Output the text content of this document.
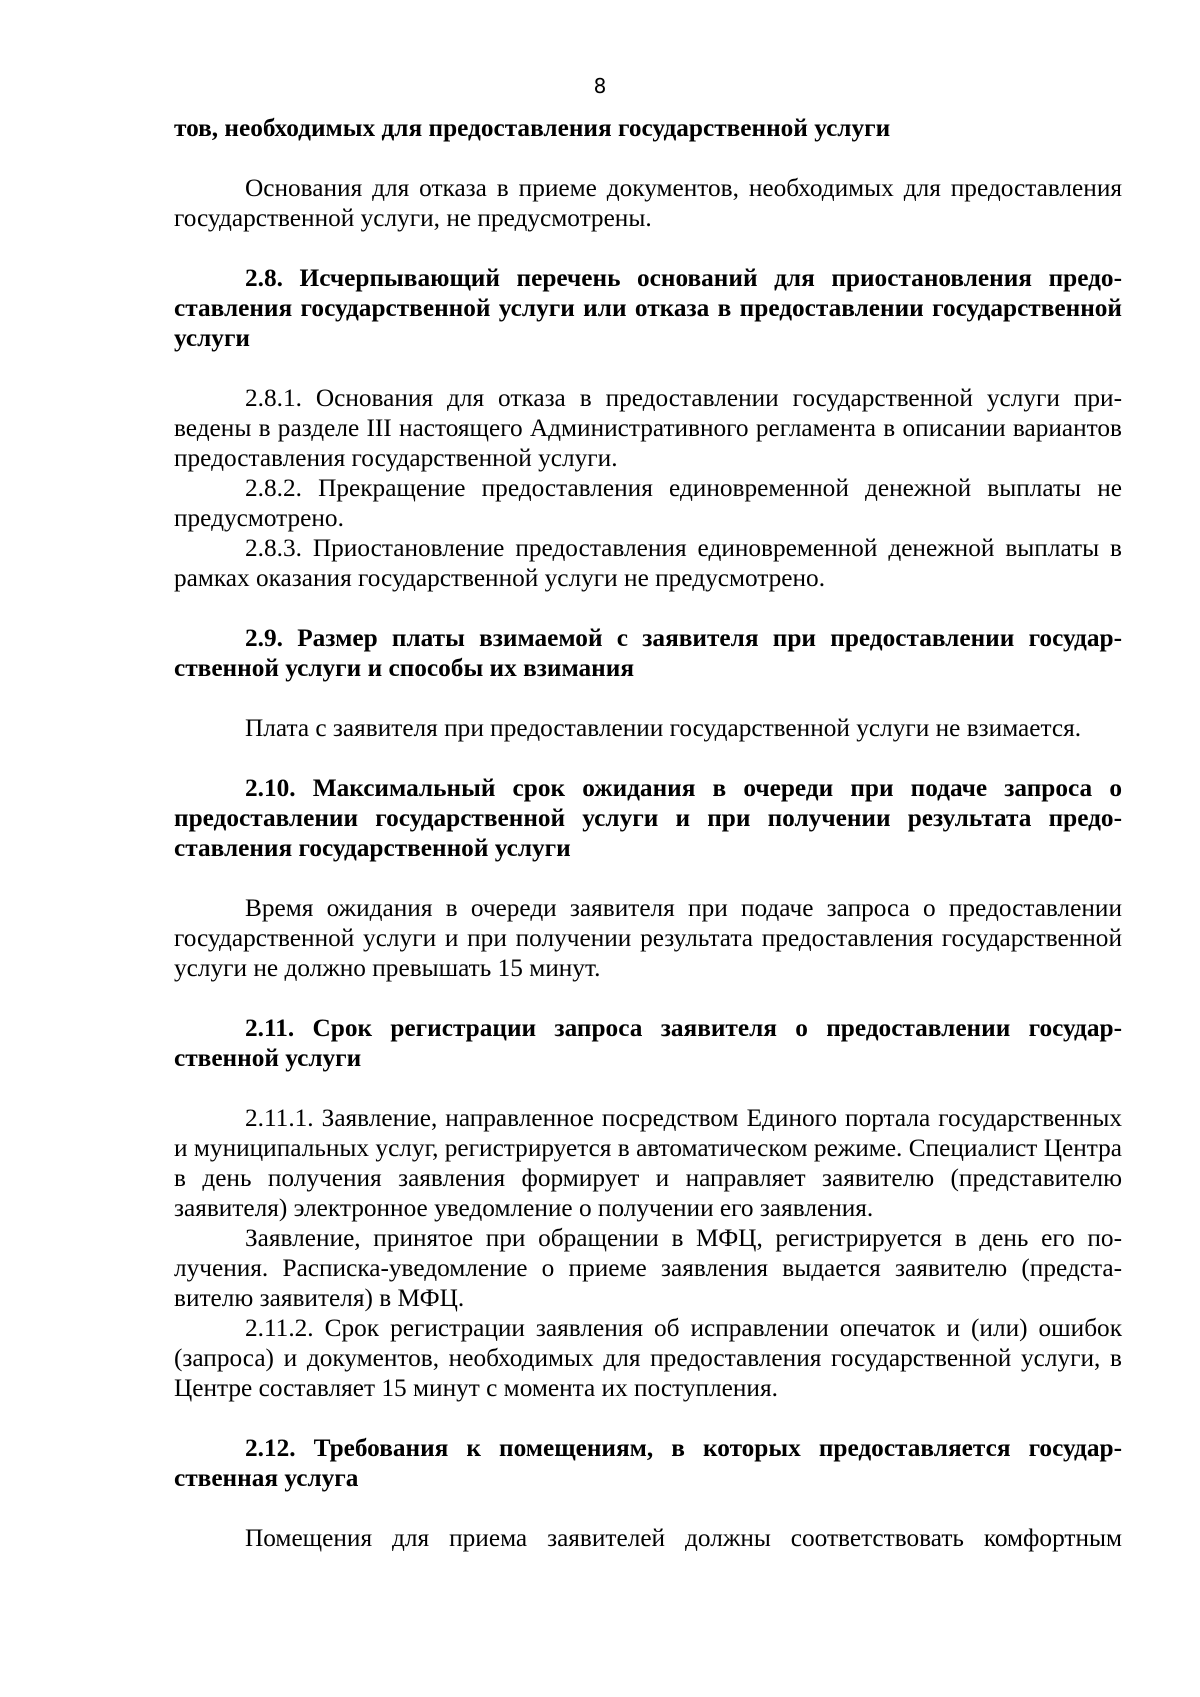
8

тов, необходимых для предоставления государственной услуги

Основания для отказа в приеме документов, необходимых для предоставления государственной услуги, не предусмотрены.

2.8. Исчерпывающий перечень оснований для приостановления предоставления государственной услуги или отказа в предоставлении государственной услуги

2.8.1. Основания для отказа в предоставлении государственной услуги приведены в разделе III настоящего Административного регламента в описании вариантов предоставления государственной услуги.

2.8.2. Прекращение предоставления единовременной денежной выплаты не предусмотрено.

2.8.3. Приостановление предоставления единовременной денежной выплаты в рамках оказания государственной услуги не предусмотрено.

2.9. Размер платы взимаемой с заявителя при предоставлении государственной услуги и способы их взимания

Плата с заявителя при предоставлении государственной услуги не взимается.

2.10. Максимальный срок ожидания в очереди при подаче запроса о предоставлении государственной услуги и при получении результата предоставления государственной услуги

Время ожидания в очереди заявителя при подаче запроса о предоставлении государственной услуги и при получении результата предоставления государственной услуги не должно превышать 15 минут.

2.11. Срок регистрации запроса заявителя о предоставлении государственной услуги

2.11.1. Заявление, направленное посредством Единого портала государственных и муниципальных услуг, регистрируется в автоматическом режиме. Специалист Центра в день получения заявления формирует и направляет заявителю (представителю заявителя) электронное уведомление о получении его заявления.

Заявление, принятое при обращении в МФЦ, регистрируется в день его получения. Расписка-уведомление о приеме заявления выдается заявителю (представителю заявителя) в МФЦ.

2.11.2. Срок регистрации заявления об исправлении опечаток и (или) ошибок (запроса) и документов, необходимых для предоставления государственной услуги, в Центре составляет 15 минут с момента их поступления.

2.12. Требования к помещениям, в которых предоставляется государственная услуга

Помещения для приема заявителей должны соответствовать комфортным
